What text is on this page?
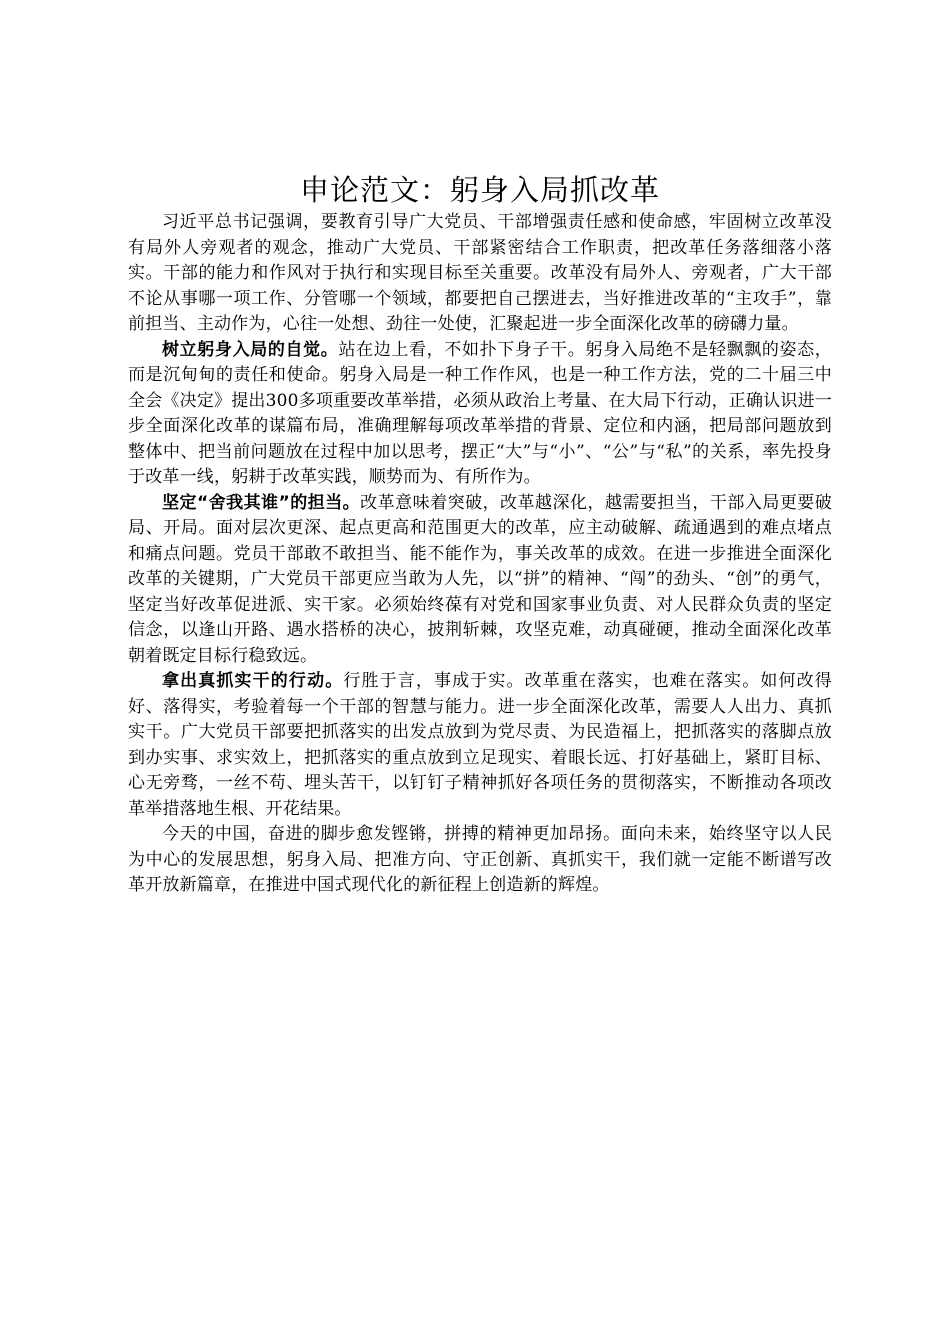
申论范文：躬身入局抓改革

习近平总书记强调，要教育引导广大党员、干部增强责任感和使命感，牢固树立改革没有局外人旁观者的观念，推动广大党员、干部紧密结合工作职责，把改革任务落细落小落实。干部的能力和作风对于执行和实现目标至关重要。改革没有局外人、旁观者，广大干部不论从事哪一项工作、分管哪一个领域，都要把自己摆进去，当好推进改革的“主攻手”，靠前担当、主动作为，心往一处想、劲往一处使，汇聚起进一步全面深化改革的磅礴力量。

树立躬身入局的自觉。站在边上看，不如扑下身子干。躬身入局绝不是轻飘飘的姿态，而是沉甸甸的责任和使命。躬身入局是一种工作作风，也是一种工作方法，党的二十届三中全会《决定》提出300多项重要改革举措，必须从政治上考量、在大局下行动，正确认识进一步全面深化改革的谋篇布局，准确理解每项改革举措的背景、定位和内涵，把局部问题放到整体中、把当前问题放在过程中加以思考，摆正“大”与“小”、“公”与“私”的关系，率先投身于改革一线，躬耕于改革实践，顺势而为、有所作为。

坚定“舍我其谁”的担当。改革意味着突破，改革越深化，越需要担当，干部入局更要破局、开局。面对层次更深、起点更高和范围更大的改革，应主动破解、疏通遇到的难点堵点和痛点问题。党员干部敢不敢担当、能不能作为，事关改革的成效。在进一步推进全面深化改革的关键期，广大党员干部更应当敢为人先，以“拼”的精神、“闯”的劲头、“创”的勇气，坚定当好改革促进派、实干家。必须始终葆有对党和国家事业负责、对人民群众负责的坚定信念，以逢山开路、遇水搭桥的决心，披荆斩棘，攻坚克难，动真碰硬，推动全面深化改革朝着既定目标行稳致远。

拿出真抓实干的行动。行胜于言，事成于实。改革重在落实，也难在落实。如何改得好、落得实，考验着每一个干部的智慧与能力。进一步全面深化改革，需要人人出力、真抓实干。广大党员干部要把抓落实的出发点放到为党尽责、为民造福上，把抓落实的落脚点放到办实事、求实效上，把抓落实的重点放到立足现实、着眼长远、打好基础上，紧盯目标、心无旁骛，一丝不苟、埋头苦干，以钉钉子精神抓好各项任务的贯彻落实，不断推动各项改革举措落地生根、开花结果。

今天的中国，奋进的脚步愈发铿锵，拼搏的精神更加昂扬。面向未来，始终坚守以人民为中心的发展思想，躬身入局、把准方向、守正创新、真抓实干，我们就一定能不断谱写改革开放新篇章，在推进中国式现代化的新征程上创造新的辉煌。
